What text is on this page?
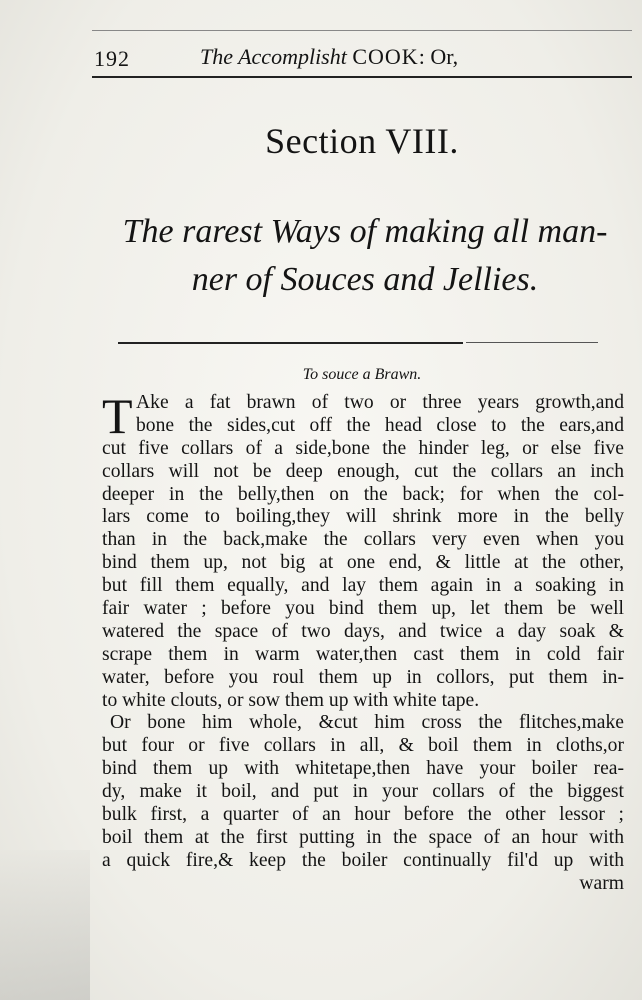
192	The Accomplisht COOK: Or,
Section VIII.
The rarest Ways of making all man-
ner of Souces and Jellies.
To souce a Brawn.
T Ake a fat brawn of two or three years growth,and
bone the sides,cut off the head close to the ears,and
cut five collars of a side,bone the hinder leg, or else five
collars will not be deep enough, cut the collars an inch
deeper in the belly,then on the back; for when the col-
lars come to boiling,they will shrink more in the belly
than in the back,make the collars very even when you
bind them up, not big at one end, & little at the other,
but fill them equally, and lay them again in a soaking in
fair water ; before you bind them up, let them be well
watered the space of two days, and twice a day soak &
scrape them in warm water,then cast them in cold fair
water, before you roul them up in collors, put them in-
to white clouts, or sow them up with white tape.
Or bone him whole, &cut him cross the flitches,make
but four or five collars in all, & boil them in cloths,or
bind them up with whitetape,then have your boiler rea-
dy, make it boil, and put in your collars of the biggest
bulk first, a quarter of an hour before the other lessor ;
boil them at the first putting in the space of an hour with
a quick fire,& keep the boiler continually fil'd up with
warm
